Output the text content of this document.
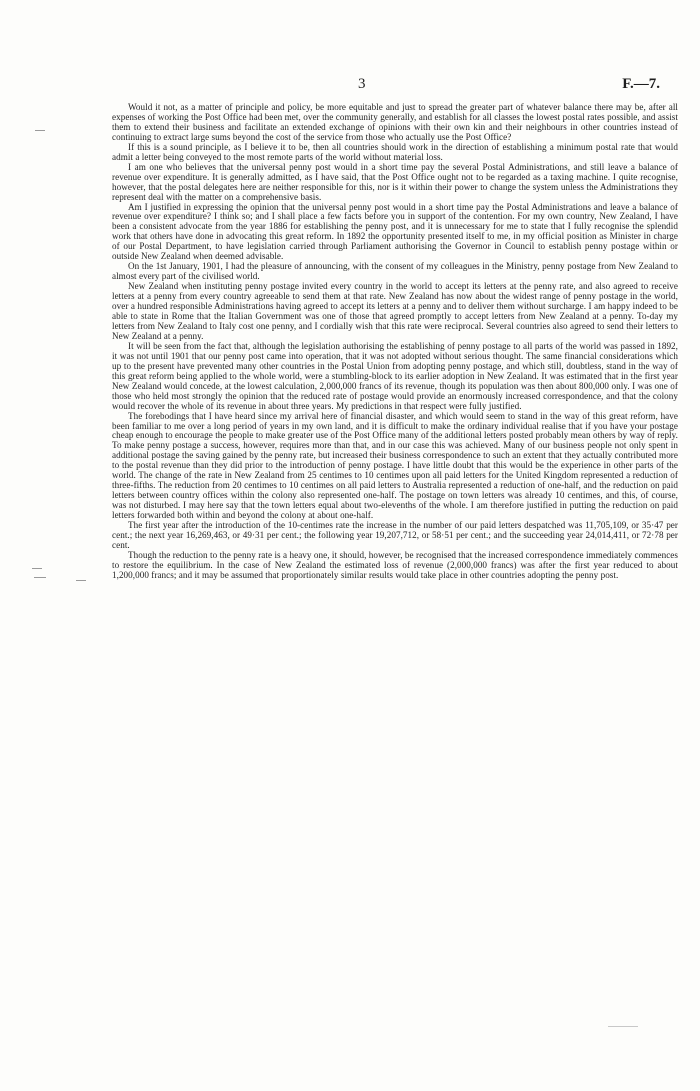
3	F.—7.

Would it not, as a matter of principle and policy, be more equitable and just to spread the greater part of whatever balance there may be, after all expenses of working the Post Office had been met, over the community generally, and establish for all classes the lowest postal rates possible, and assist them to extend their business and facilitate an extended exchange of opinions with their own kin and their neighbours in other countries instead of continuing to extract large sums beyond the cost of the service from those who actually use the Post Office?

If this is a sound principle, as I believe it to be, then all countries should work in the direction of establishing a minimum postal rate that would admit a letter being conveyed to the most remote parts of the world without material loss.

I am one who believes that the universal penny post would in a short time pay the several Postal Administrations, and still leave a balance of revenue over expenditure. It is generally admitted, as I have said, that the Post Office ought not to be regarded as a taxing machine. I quite recognise, however, that the postal delegates here are neither responsible for this, nor is it within their power to change the system unless the Administrations they represent deal with the matter on a comprehensive basis.

Am I justified in expressing the opinion that the universal penny post would in a short time pay the Postal Administrations and leave a balance of revenue over expenditure? I think so; and I shall place a few facts before you in support of the contention. For my own country, New Zealand, I have been a consistent advocate from the year 1886 for establishing the penny post, and it is unnecessary for me to state that I fully recognise the splendid work that others have done in advocating this great reform. In 1892 the opportunity presented itself to me, in my official position as Minister in charge of our Postal Department, to have legislation carried through Parliament authorising the Governor in Council to establish penny postage within or outside New Zealand when deemed advisable.

On the 1st January, 1901, I had the pleasure of announcing, with the consent of my colleagues in the Ministry, penny postage from New Zealand to almost every part of the civilised world.

New Zealand when instituting penny postage invited every country in the world to accept its letters at the penny rate, and also agreed to receive letters at a penny from every country agreeable to send them at that rate. New Zealand has now about the widest range of penny postage in the world, over a hundred responsible Administrations having agreed to accept its letters at a penny and to deliver them without surcharge. I am happy indeed to be able to state in Rome that the Italian Government was one of those that agreed promptly to accept letters from New Zealand at a penny. To-day my letters from New Zealand to Italy cost one penny, and I cordially wish that this rate were reciprocal. Several countries also agreed to send their letters to New Zealand at a penny.

It will be seen from the fact that, although the legislation authorising the establishing of penny postage to all parts of the world was passed in 1892, it was not until 1901 that our penny post came into operation, that it was not adopted without serious thought. The same financial considerations which up to the present have prevented many other countries in the Postal Union from adopting penny postage, and which still, doubtless, stand in the way of this great reform being applied to the whole world, were a stumbling-block to its earlier adoption in New Zealand. It was estimated that in the first year New Zealand would concede, at the lowest calculation, 2,000,000 francs of its revenue, though its population was then about 800,000 only. I was one of those who held most strongly the opinion that the reduced rate of postage would provide an enormously increased correspondence, and that the colony would recover the whole of its revenue in about three years. My predictions in that respect were fully justified.

The forebodings that I have heard since my arrival here of financial disaster, and which would seem to stand in the way of this great reform, have been familiar to me over a long period of years in my own land, and it is difficult to make the ordinary individual realise that if you have your postage cheap enough to encourage the people to make greater use of the Post Office many of the additional letters posted probably mean others by way of reply. To make penny postage a success, however, requires more than that, and in our case this was achieved. Many of our business people not only spent in additional postage the saving gained by the penny rate, but increased their business correspondence to such an extent that they actually contributed more to the postal revenue than they did prior to the introduction of penny postage. I have little doubt that this would be the experience in other parts of the world. The change of the rate in New Zealand from 25 centimes to 10 centimes upon all paid letters for the United Kingdom represented a reduction of three-fifths. The reduction from 20 centimes to 10 centimes on all paid letters to Australia represented a reduction of one-half, and the reduction on paid letters between country offices within the colony also represented one-half. The postage on town letters was already 10 centimes, and this, of course, was not disturbed. I may here say that the town letters equal about two-elevenths of the whole. I am therefore justified in putting the reduction on paid letters forwarded both within and beyond the colony at about one-half.

The first year after the introduction of the 10-centimes rate the increase in the number of our paid letters despatched was 11,705,109, or 35·47 per cent.; the next year 16,269,463, or 49·31 per cent.; the following year 19,207,712, or 58·51 per cent.; and the succeeding year 24,014,411, or 72·78 per cent.

Though the reduction to the penny rate is a heavy one, it should, however, be recognised that the increased correspondence immediately commences to restore the equilibrium. In the case of New Zealand the estimated loss of revenue (2,000,000 francs) was after the first year reduced to about 1,200,000 francs; and it may be assumed that proportionately similar results would take place in other countries adopting the penny post.
